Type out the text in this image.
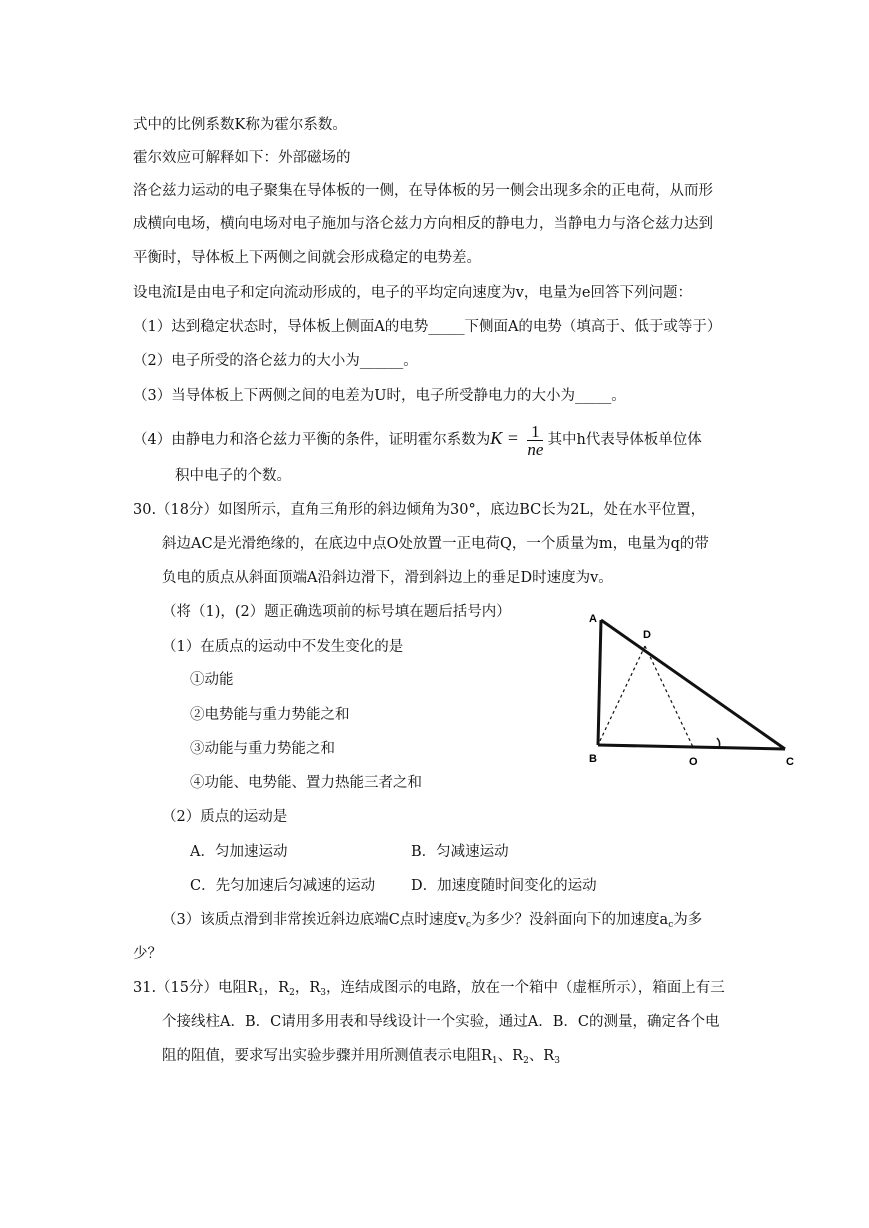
式中的比例系数K称为霍尔系数。
霍尔效应可解释如下：外部磁场的
洛仑兹力运动的电子聚集在导体板的一侧，在导体板的另一侧会出现多余的正电荷，从而形
成横向电场，横向电场对电子施加与洛仑兹力方向相反的静电力，当静电力与洛仑兹力达到
平衡时，导体板上下两侧之间就会形成稳定的电势差。
设电流I是由电子和定向流动形成的，电子的平均定向速度为v，电量为e回答下列问题：
（1）达到稳定状态时，导体板上侧面A的电势_____下侧面A的电势（填高于、低于或等于）
（2）电子所受的洛仑兹力的大小为______。
（3）当导体板上下两侧之间的电差为U时，电子所受静电力的大小为_____。
（4）由静电力和洛仑兹力平衡的条件，证明霍尔系数为$K = \frac{1}{ne}$ 其中h代表导体板单位体
积中电子的个数。
30.（18分）如图所示，直角三角形的斜边倾角为30°，底边BC长为2L，处在水平位置，
斜边AC是光滑绝缘的，在底边中点O处放置一正电荷Q，一个质量为m，电量为q的带
负电的质点从斜面顶端A沿斜边滑下，滑到斜边上的垂足D时速度为v。
（将（1)，(2）题正确选项前的标号填在题后括号内）
（1）在质点的运动中不发生变化的是
①动能
②电势能与重力势能之和
③动能与重力势能之和
④功能、电势能、置力热能三者之和
（2）质点的运动是
A．匀加速运动	B．匀减速运动
C．先匀加速后匀减速的运动 D．加速度随时间变化的运动
（3）该质点滑到非常挨近斜边底端C点时速度$v_c$为多少？没斜面向下的加速度$a_c$为多
少？
31.（15分）电阻$R_1$，$R_2$，$R_3$，连结成图示的电路，放在一个箱中（虚框所示），箱面上有三
个接线柱A．B．C请用多用表和导线设计一个实验，通过A．B．C的测量，确定各个电
阻的阻值，要求写出实验步骤并用所测值表示电阻$R_1$、$R_2$、$R_3$
A
D
B	O	C
